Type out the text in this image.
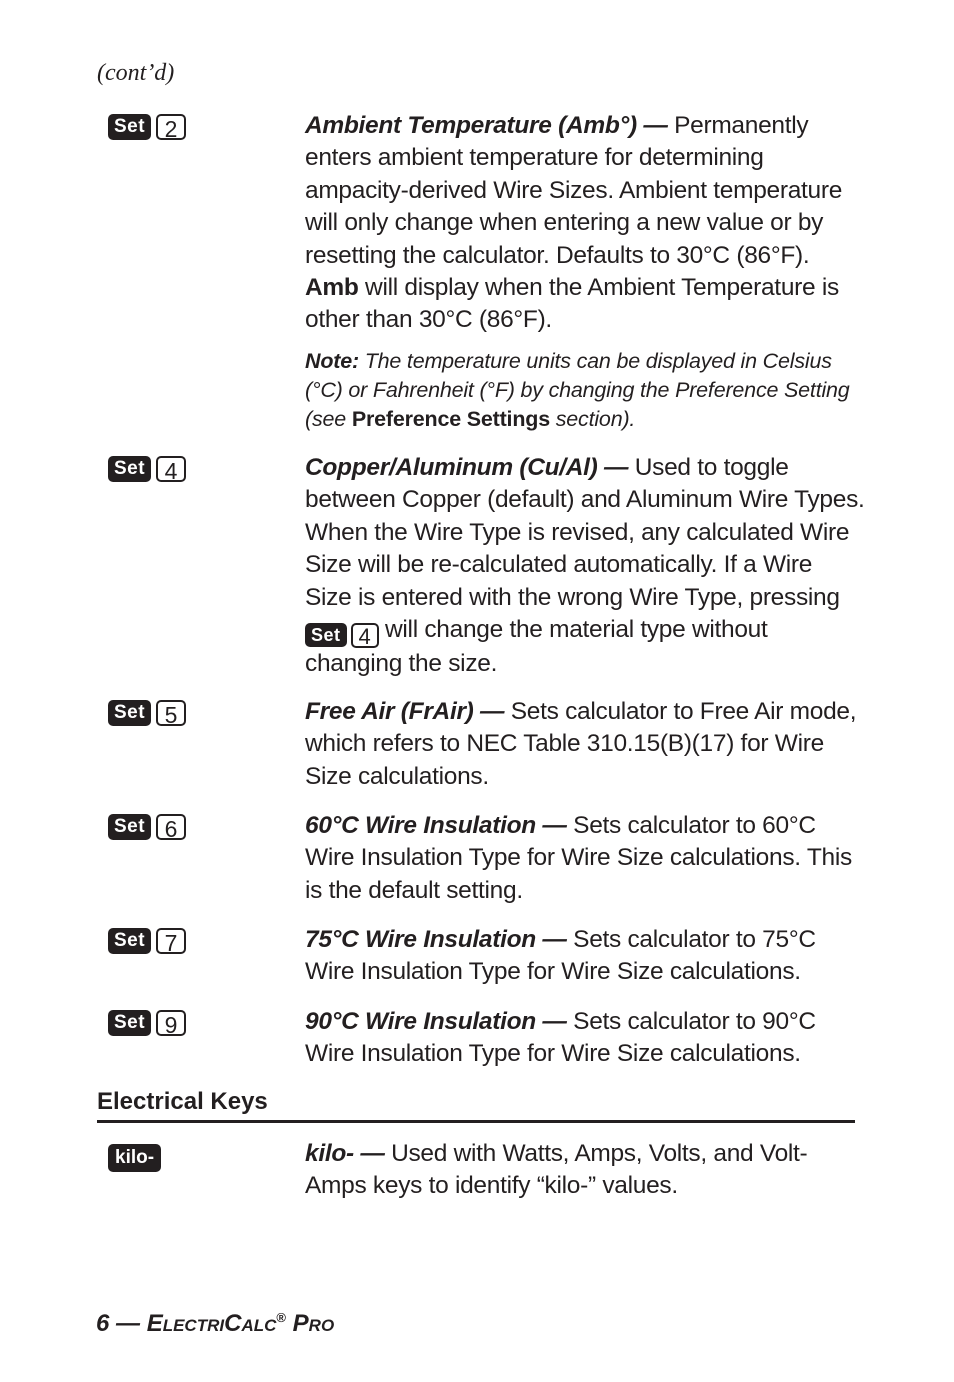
(cont’d)
Set 2	Ambient Temperature (Amb°) — Permanently enters ambient temperature for determining ampacity-derived Wire Sizes. Ambient temperature will only change when entering a new value or by resetting the calculator. Defaults to 30°C (86°F). Amb will display when the Ambient Temperature is other than 30°C (86°F).
Note: The temperature units can be displayed in Celsius (°C) or Fahrenheit (°F) by changing the Preference Setting (see Preference Settings section).
Set 4	Copper/Aluminum (Cu/Al) — Used to toggle between Copper (default) and Aluminum Wire Types. When the Wire Type is revised, any calculated Wire Size will be re-calculated automatically. If a Wire Size is entered with the wrong Wire Type, pressing
Set 4 will change the material type without changing the size.
Set 5	Free Air (FrAir) — Sets calculator to Free Air mode, which refers to NEC Table 310.15(B)(17) for Wire Size calculations.
Set 6	60°C Wire Insulation — Sets calculator to 60°C Wire Insulation Type for Wire Size calculations. This is the default setting.
Set 7	75°C Wire Insulation — Sets calculator to 75°C Wire Insulation Type for Wire Size calculations.
Set 9	90°C Wire Insulation — Sets calculator to 90°C Wire Insulation Type for Wire Size calculations.
Electrical Keys
kilo-	kilo- — Used with Watts, Amps, Volts, and Volt-Amps keys to identify “kilo-” values.
6 — ELECTRICALC® PRO
